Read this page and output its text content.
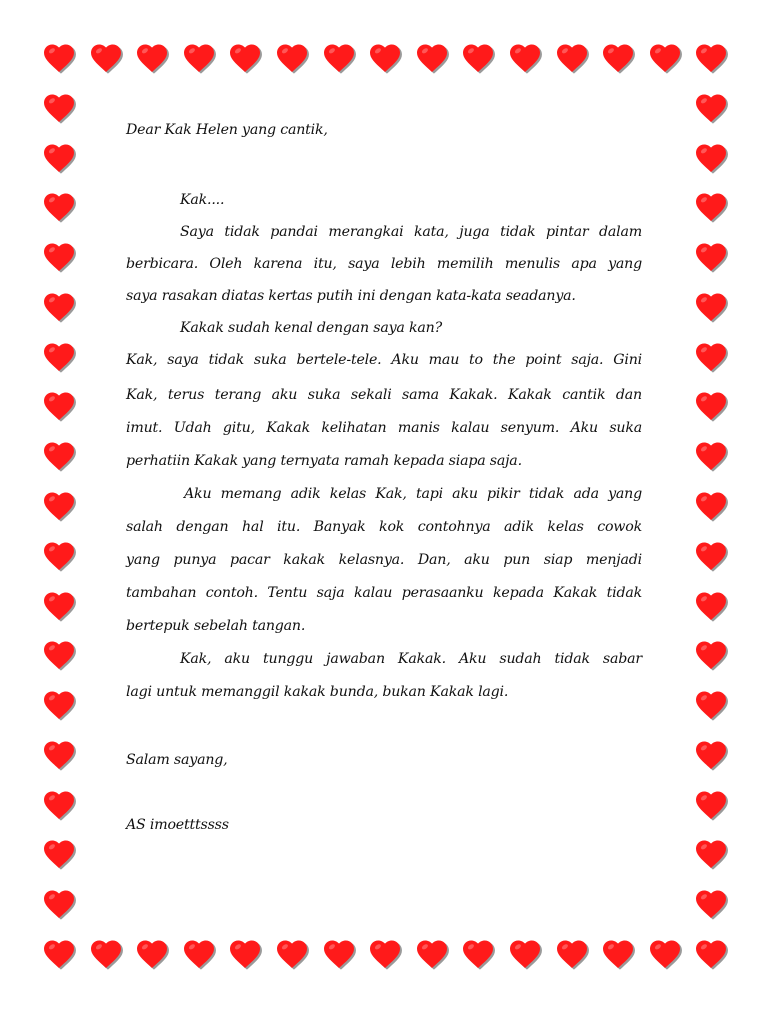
Dear Kak Helen yang cantik,
Kak....
Saya tidak pandai merangkai kata, juga tidak pintar dalam
berbicara. Oleh karena itu, saya lebih memilih menulis apa yang
saya rasakan diatas kertas putih ini dengan kata-kata seadanya.
Kakak sudah kenal dengan saya kan?
Kak, saya tidak suka bertele-tele. Aku mau to the point saja. Gini
Kak, terus terang aku suka sekali sama Kakak. Kakak cantik dan
imut. Udah gitu, Kakak kelihatan manis kalau senyum. Aku suka
perhatiin Kakak yang ternyata ramah kepada siapa saja.
Aku memang adik kelas Kak, tapi aku pikir tidak ada yang
salah dengan hal itu. Banyak kok contohnya adik kelas cowok
yang punya pacar kakak kelasnya. Dan, aku pun siap menjadi
tambahan contoh. Tentu saja kalau perasaanku kepada Kakak tidak
bertepuk sebelah tangan.
Kak, aku tunggu jawaban Kakak. Aku sudah tidak sabar
lagi untuk memanggil kakak bunda, bukan Kakak lagi.
Salam sayang,
AS imoetttssss
